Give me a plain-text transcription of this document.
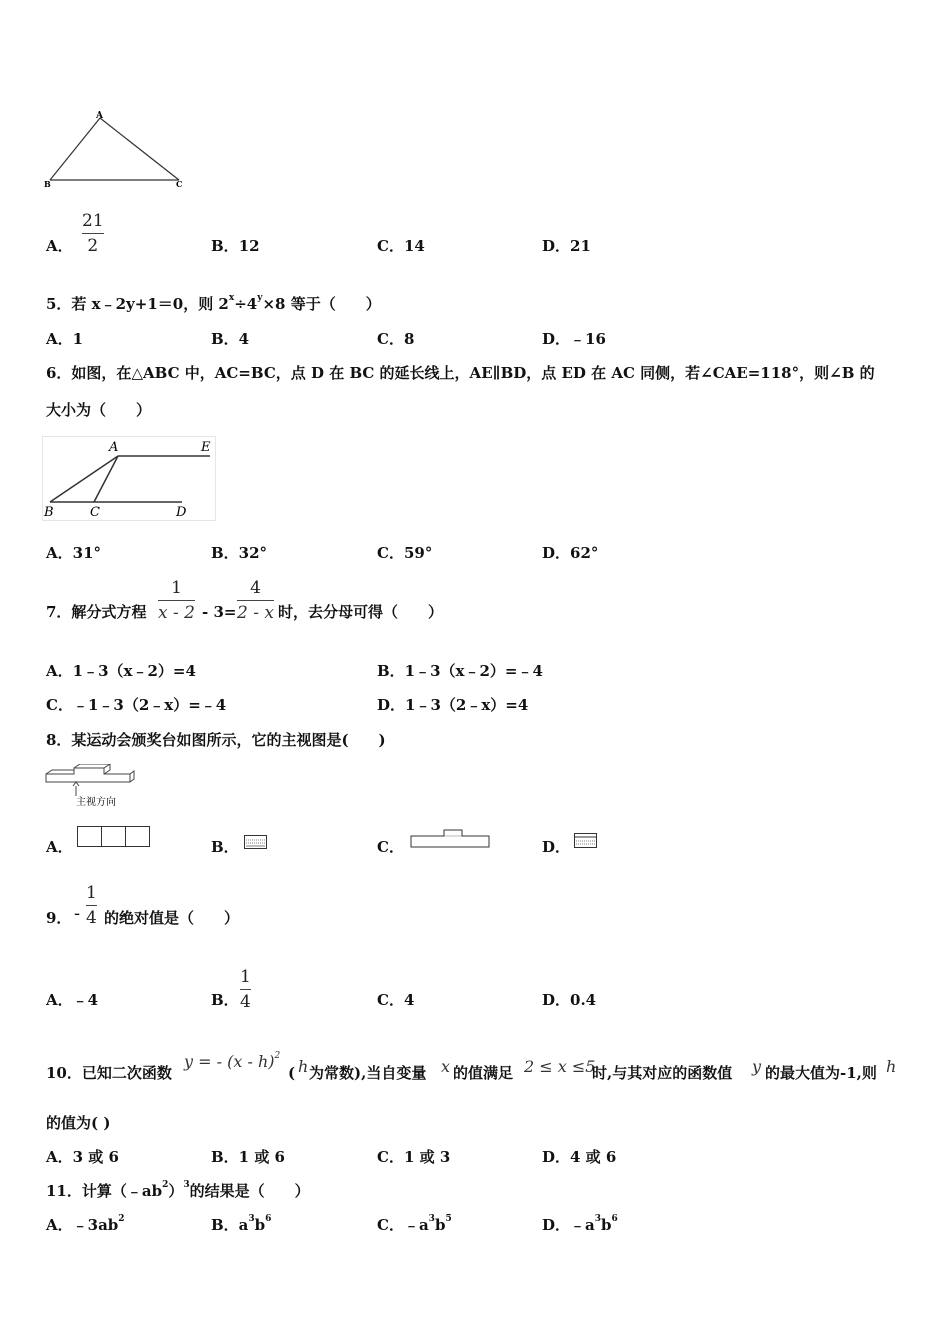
A
B	C
A．
21
2	B．12	C．14	D．21
5．若 x﹣2y+1＝0，则 $2^x\div 4^y\times 8$ 等于（　　）
A．1	B．4	C．8	D．﹣16
6．如图，在△ABC 中，AC=BC，点 D 在 BC 的延长线上，AE∥BD，点 ED 在 AC 同侧，若∠CAE=118°，则∠B 的
大小为（　　）
A	E
B	C	D
A．31°	B．32°	C．59°	D．62°
7．解分式方程
1
x - 2 - 3=
4
2 - x 时，去分母可得（　　）
A．1﹣3（x﹣2）=4	B．1﹣3（x﹣2）=﹣4
C．﹣1﹣3（2﹣x）=﹣4	D．1﹣3（2﹣x）=4
8．某运动会颁奖台如图所示，它的主视图是(　　)
主视方向
A．	B．	C．	D．
9． -
1
4 的绝对值是（　　）
A．﹣4	B．
1
4	C．4	D．0.4
10．已知二次函数
y = - (x - h)$^2$
( h 为常数),当自变量 x 的值满足 2 ≤ x ≤5
时,与其对应的函数值 y 的最大值为-1,则 h
的值为( )
A．3 或 6	B．1 或 6	C．1 或 3	D．4 或 6
11．计算$(﹣ab^2)^3$的结果是（　　）
A．$﹣3ab^2$	B．$a^3b^6$	C．$﹣a^3b^5$	D．$﹣a^3b^6$
